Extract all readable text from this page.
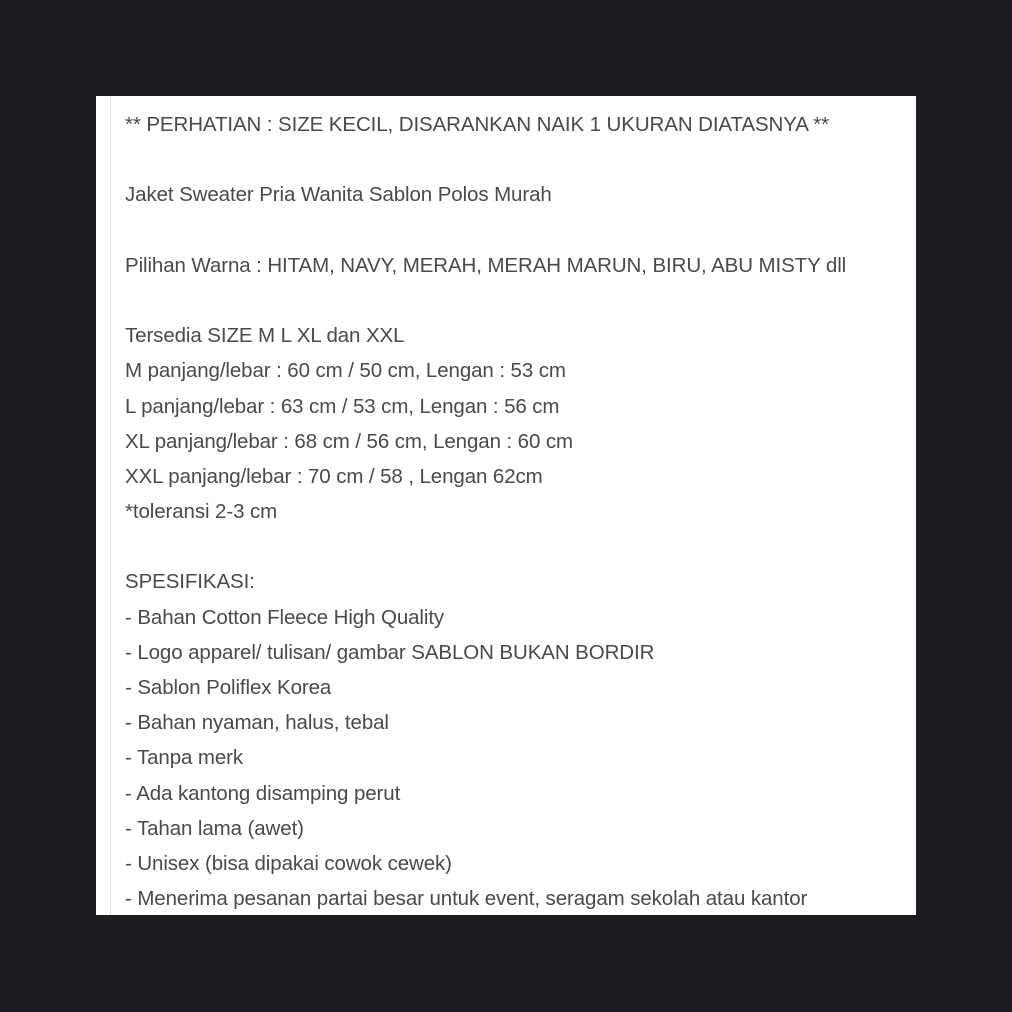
** PERHATIAN : SIZE KECIL, DISARANKAN NAIK 1 UKURAN DIATASNYA **
Jaket Sweater Pria Wanita Sablon Polos Murah
Pilihan Warna : HITAM, NAVY, MERAH, MERAH MARUN, BIRU, ABU MISTY dll
Tersedia SIZE M L XL dan XXL
M panjang/lebar : 60 cm / 50 cm, Lengan : 53 cm
L panjang/lebar : 63 cm / 53 cm, Lengan : 56 cm
XL panjang/lebar : 68 cm / 56 cm, Lengan : 60 cm
XXL panjang/lebar : 70 cm / 58 , Lengan 62cm
*toleransi 2-3 cm
SPESIFIKASI:
- Bahan Cotton Fleece High Quality
- Logo apparel/ tulisan/ gambar SABLON BUKAN BORDIR
- Sablon Poliflex Korea
- Bahan nyaman, halus, tebal
- Tanpa merk
- Ada kantong disamping perut
- Tahan lama (awet)
- Unisex (bisa dipakai cowok cewek)
- Menerima pesanan partai besar untuk event, seragam sekolah atau kantor
